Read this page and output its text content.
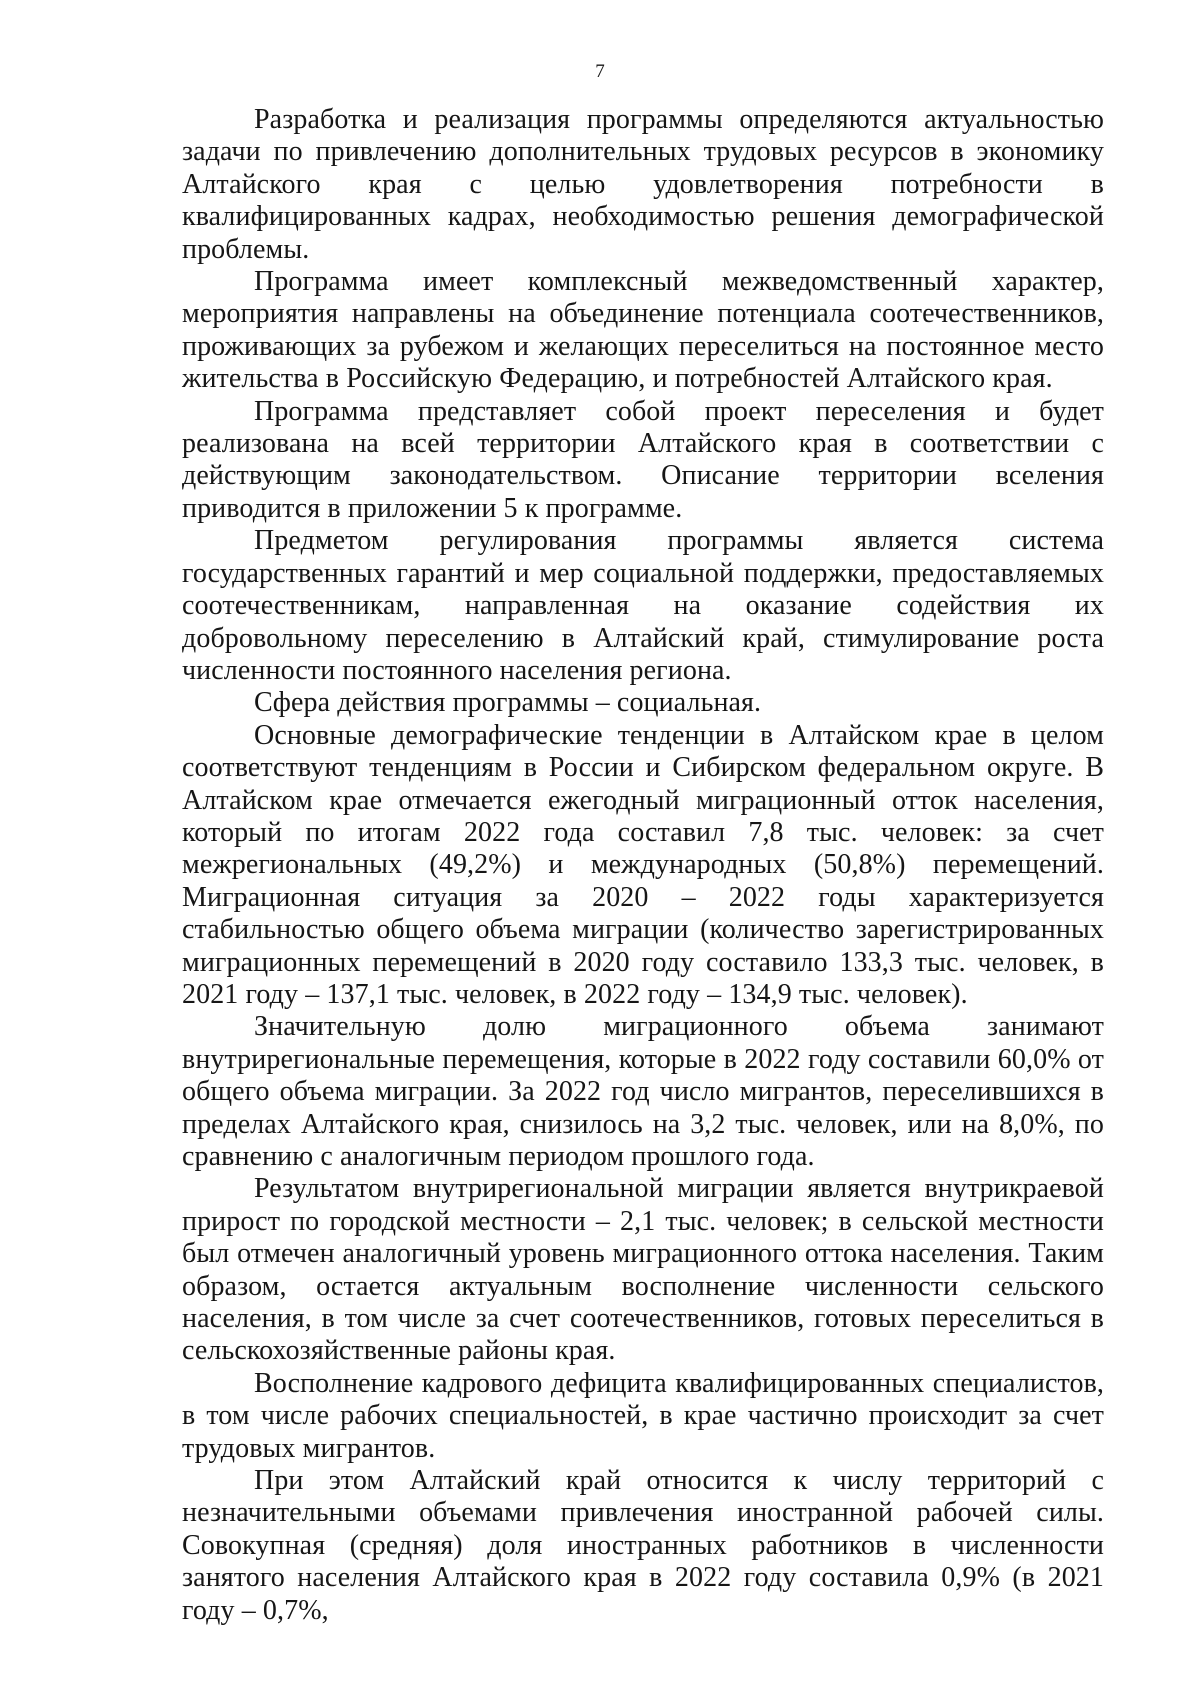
7

Разработка и реализация программы определяются актуальностью задачи по привлечению дополнительных трудовых ресурсов в экономику Алтайского края с целью удовлетворения потребности в квалифицированных кадрах, необходимостью решения демографической проблемы.

Программа имеет комплексный межведомственный характер, мероприятия направлены на объединение потенциала соотечественников, проживающих за рубежом и желающих переселиться на постоянное место жительства в Российскую Федерацию, и потребностей Алтайского края.

Программа представляет собой проект переселения и будет реализована на всей территории Алтайского края в соответствии с действующим законодательством. Описание территории вселения приводится в приложении 5 к программе.

Предметом регулирования программы является система государственных гарантий и мер социальной поддержки, предоставляемых соотечественникам, направленная на оказание содействия их добровольному переселению в Алтайский край, стимулирование роста численности постоянного населения региона.

Сфера действия программы – социальная.

Основные демографические тенденции в Алтайском крае в целом соответствуют тенденциям в России и Сибирском федеральном округе. В Алтайском крае отмечается ежегодный миграционный отток населения, который по итогам 2022 года составил 7,8 тыс. человек: за счет межрегиональных (49,2%) и международных (50,8%) перемещений. Миграционная ситуация за 2020 – 2022 годы характеризуется стабильностью общего объема миграции (количество зарегистрированных миграционных перемещений в 2020 году составило 133,3 тыс. человек, в 2021 году – 137,1 тыс. человек, в 2022 году – 134,9 тыс. человек).

Значительную долю миграционного объема занимают внутрирегиональные перемещения, которые в 2022 году составили 60,0% от общего объема миграции. За 2022 год число мигрантов, переселившихся в пределах Алтайского края, снизилось на 3,2 тыс. человек, или на 8,0%, по сравнению с аналогичным периодом прошлого года.

Результатом внутрирегиональной миграции является внутрикраевой прирост по городской местности – 2,1 тыс. человек; в сельской местности был отмечен аналогичный уровень миграционного оттока населения. Таким образом, остается актуальным восполнение численности сельского населения, в том числе за счет соотечественников, готовых переселиться в сельскохозяйственные районы края.

Восполнение кадрового дефицита квалифицированных специалистов, в том числе рабочих специальностей, в крае частично происходит за счет трудовых мигрантов.

При этом Алтайский край относится к числу территорий с незначительными объемами привлечения иностранной рабочей силы. Совокупная (средняя) доля иностранных работников в численности занятого населения Алтайского края в 2022 году составила 0,9% (в 2021 году – 0,7%,
